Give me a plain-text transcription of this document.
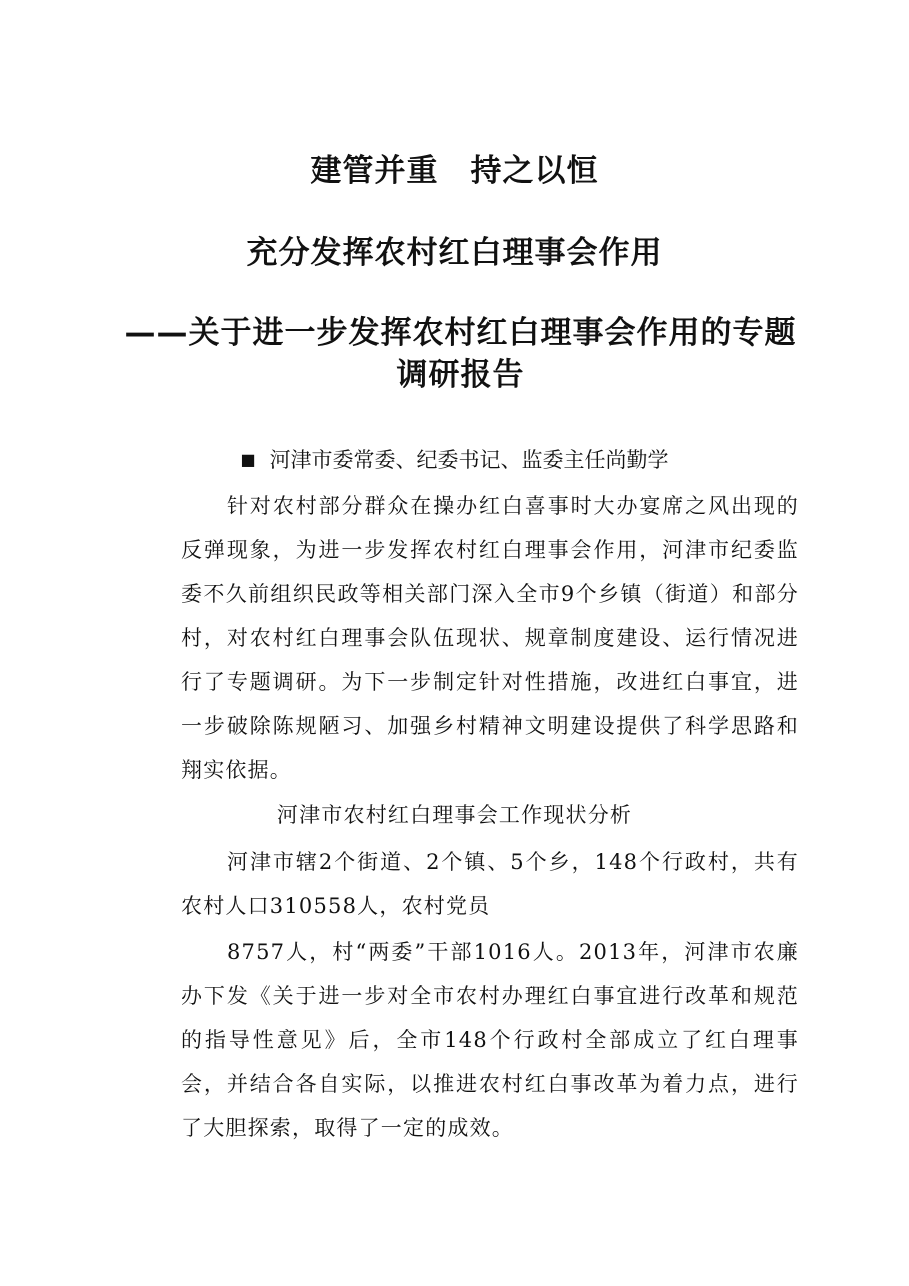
建管并重　持之以恒
充分发挥农村红白理事会作用
——关于进一步发挥农村红白理事会作用的专题调研报告

■ 河津市委常委、纪委书记、监委主任尚勤学

针对农村部分群众在操办红白喜事时大办宴席之风出现的反弹现象，为进一步发挥农村红白理事会作用，河津市纪委监委不久前组织民政等相关部门深入全市9个乡镇（街道）和部分村，对农村红白理事会队伍现状、规章制度建设、运行情况进行了专题调研。为下一步制定针对性措施，改进红白事宜，进一步破除陈规陋习、加强乡村精神文明建设提供了科学思路和翔实依据。

河津市农村红白理事会工作现状分析

河津市辖2个街道、2个镇、5个乡，148个行政村，共有农村人口310558人，农村党员

8757人，村“两委”干部1016人。2013年，河津市农廉办下发《关于进一步对全市农村办理红白事宜进行改革和规范的指导性意见》后，全市148个行政村全部成立了红白理事会，并结合各自实际，以推进农村红白事改革为着力点，进行了大胆探索，取得了一定的成效。
